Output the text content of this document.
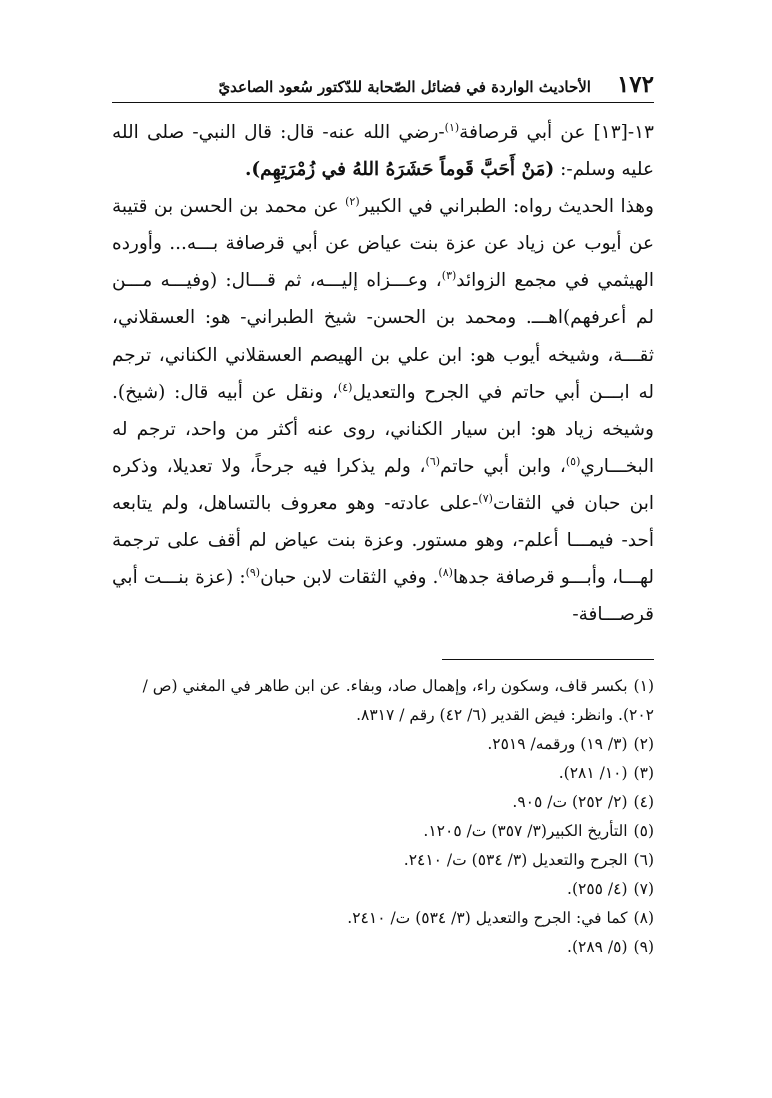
١٧٢
الأحاديث الواردة في فضائل الصّحابة للدّكتور سُعود الصاعديّ

١٣-[١٣] عن أبي قرصافة$^{(١)}$-رضي الله عنه- قال: قال النبي- صلى الله عليه وسلم-: (مَنْ أَحَبَّ قَوماً حَشَرَهُ اللهُ في زُمْرَتِهِم).

وهذا الحديث رواه: الطبراني في الكبير$^{(٢)}$ عن محمد بن الحسن بن قتيبة عن أيوب عن زياد عن عزة بنت عياض عن أبي قرصافة بـــه... وأورده الهيثمي في مجمع الزوائد$^{(٣)}$، وعـــزاه إليـــه، ثم قـــال: (وفيـــه مـــن لم أعرفهم)اهـــ. ومحمد بن الحسن- شيخ الطبراني- هو: العسقلاني، ثقـــة، وشيخه أيوب هو: ابن علي بن الهيصم العسقلاني الكناني، ترجم له ابـــن أبي حاتم في الجرح والتعديل$^{(٤)}$، ونقل عن أبيه قال: (شيخ). وشيخه زياد هو: ابن سيار الكناني، روى عنه أكثر من واحد، ترجم له البخـــاري$^{(٥)}$، وابن أبي حاتم$^{(٦)}$، ولم يذكرا فيه جرحاً، ولا تعديلا، وذكره ابن حبان في الثقات$^{(٧)}$-على عادته- وهو معروف بالتساهل، ولم يتابعه أحد- فيمـــا أعلم-، وهو مستور. وعزة بنت عياض لم أقف على ترجمة لهـــا، وأبـــو قرصافة جدها$^{(٨)}$. وفي الثقات لابن حبان$^{(٩)}$: (عزة بنـــت أبي قرصـــافة-

(١)بكسر قاف، وسكون راء، وإهمال صاد، وبفاء. عن ابن طاهر في المغني (ص / ٢٠٢). وانظر: فيض القدير (٦/ ٤٢) رقم / ٨٣١٧.
(٢)(٣/ ١٩) ورقمه/ ٢٥١٩.
(٣)(١٠/ ٢٨١).
(٤)(٢/ ٢٥٢) ت/ ٩٠٥.
(٥)التأريخ الكبير(٣/ ٣٥٧) ت/ ١٢٠٥.
(٦)الجرح والتعديل (٣/ ٥٣٤) ت/ ٢٤١٠.
(٧)(٤/ ٢٥٥).
(٨)كما في: الجرح والتعديل (٣/ ٥٣٤) ت/ ٢٤١٠.
(٩)(٥/ ٢٨٩).
